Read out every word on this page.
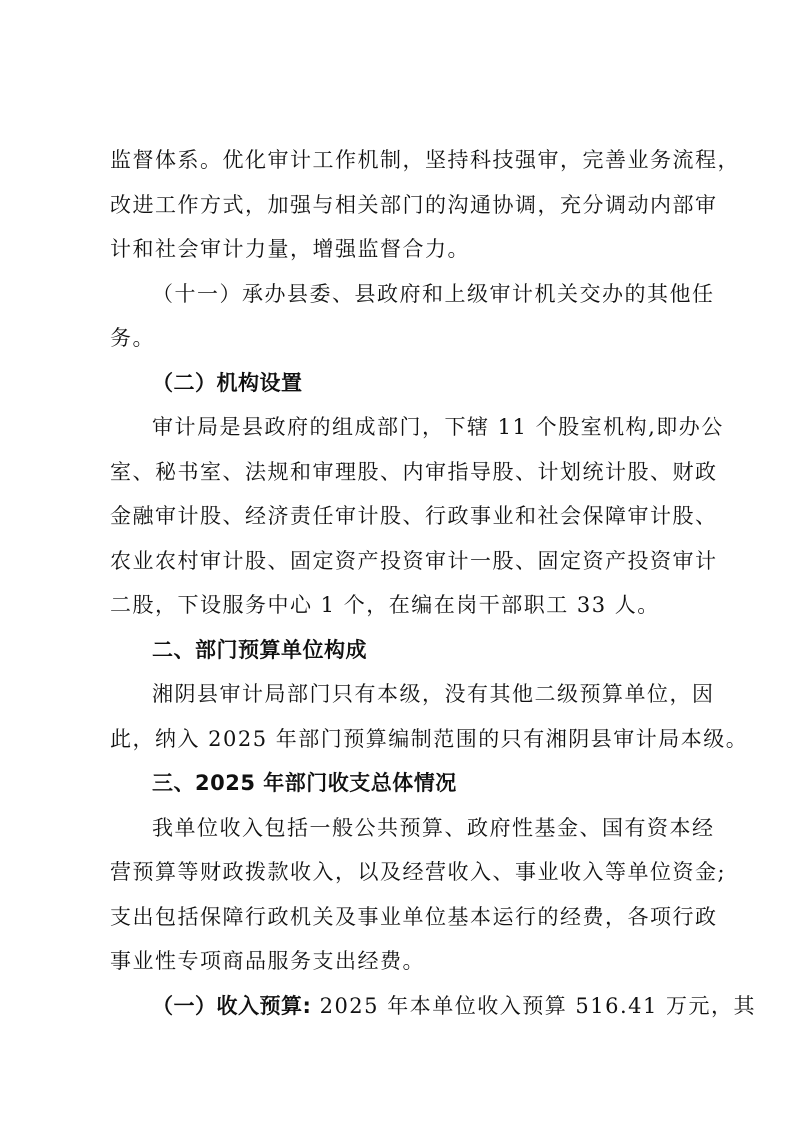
监督体系。优化审计工作机制，坚持科技强审，完善业务流程，
改进工作方式，加强与相关部门的沟通协调，充分调动内部审
计和社会审计力量，增强监督合力。
（十一）承办县委、县政府和上级审计机关交办的其他任
务。
（二）机构设置
审计局是县政府的组成部门，下辖 11 个股室机构,即办公
室、秘书室、法规和审理股、内审指导股、计划统计股、财政
金融审计股、经济责任审计股、行政事业和社会保障审计股、
农业农村审计股、固定资产投资审计一股、固定资产投资审计
二股，下设服务中心 1 个，在编在岗干部职工 33 人。
二、部门预算单位构成
湘阴县审计局部门只有本级，没有其他二级预算单位，因
此，纳入 2025 年部门预算编制范围的只有湘阴县审计局本级。
三、2025 年部门收支总体情况
我单位收入包括一般公共预算、政府性基金、国有资本经
营预算等财政拨款收入，以及经营收入、事业收入等单位资金;
支出包括保障行政机关及事业单位基本运行的经费，各项行政
事业性专项商品服务支出经费。
（一）收入预算: 2025 年本单位收入预算 516.41 万元，其
